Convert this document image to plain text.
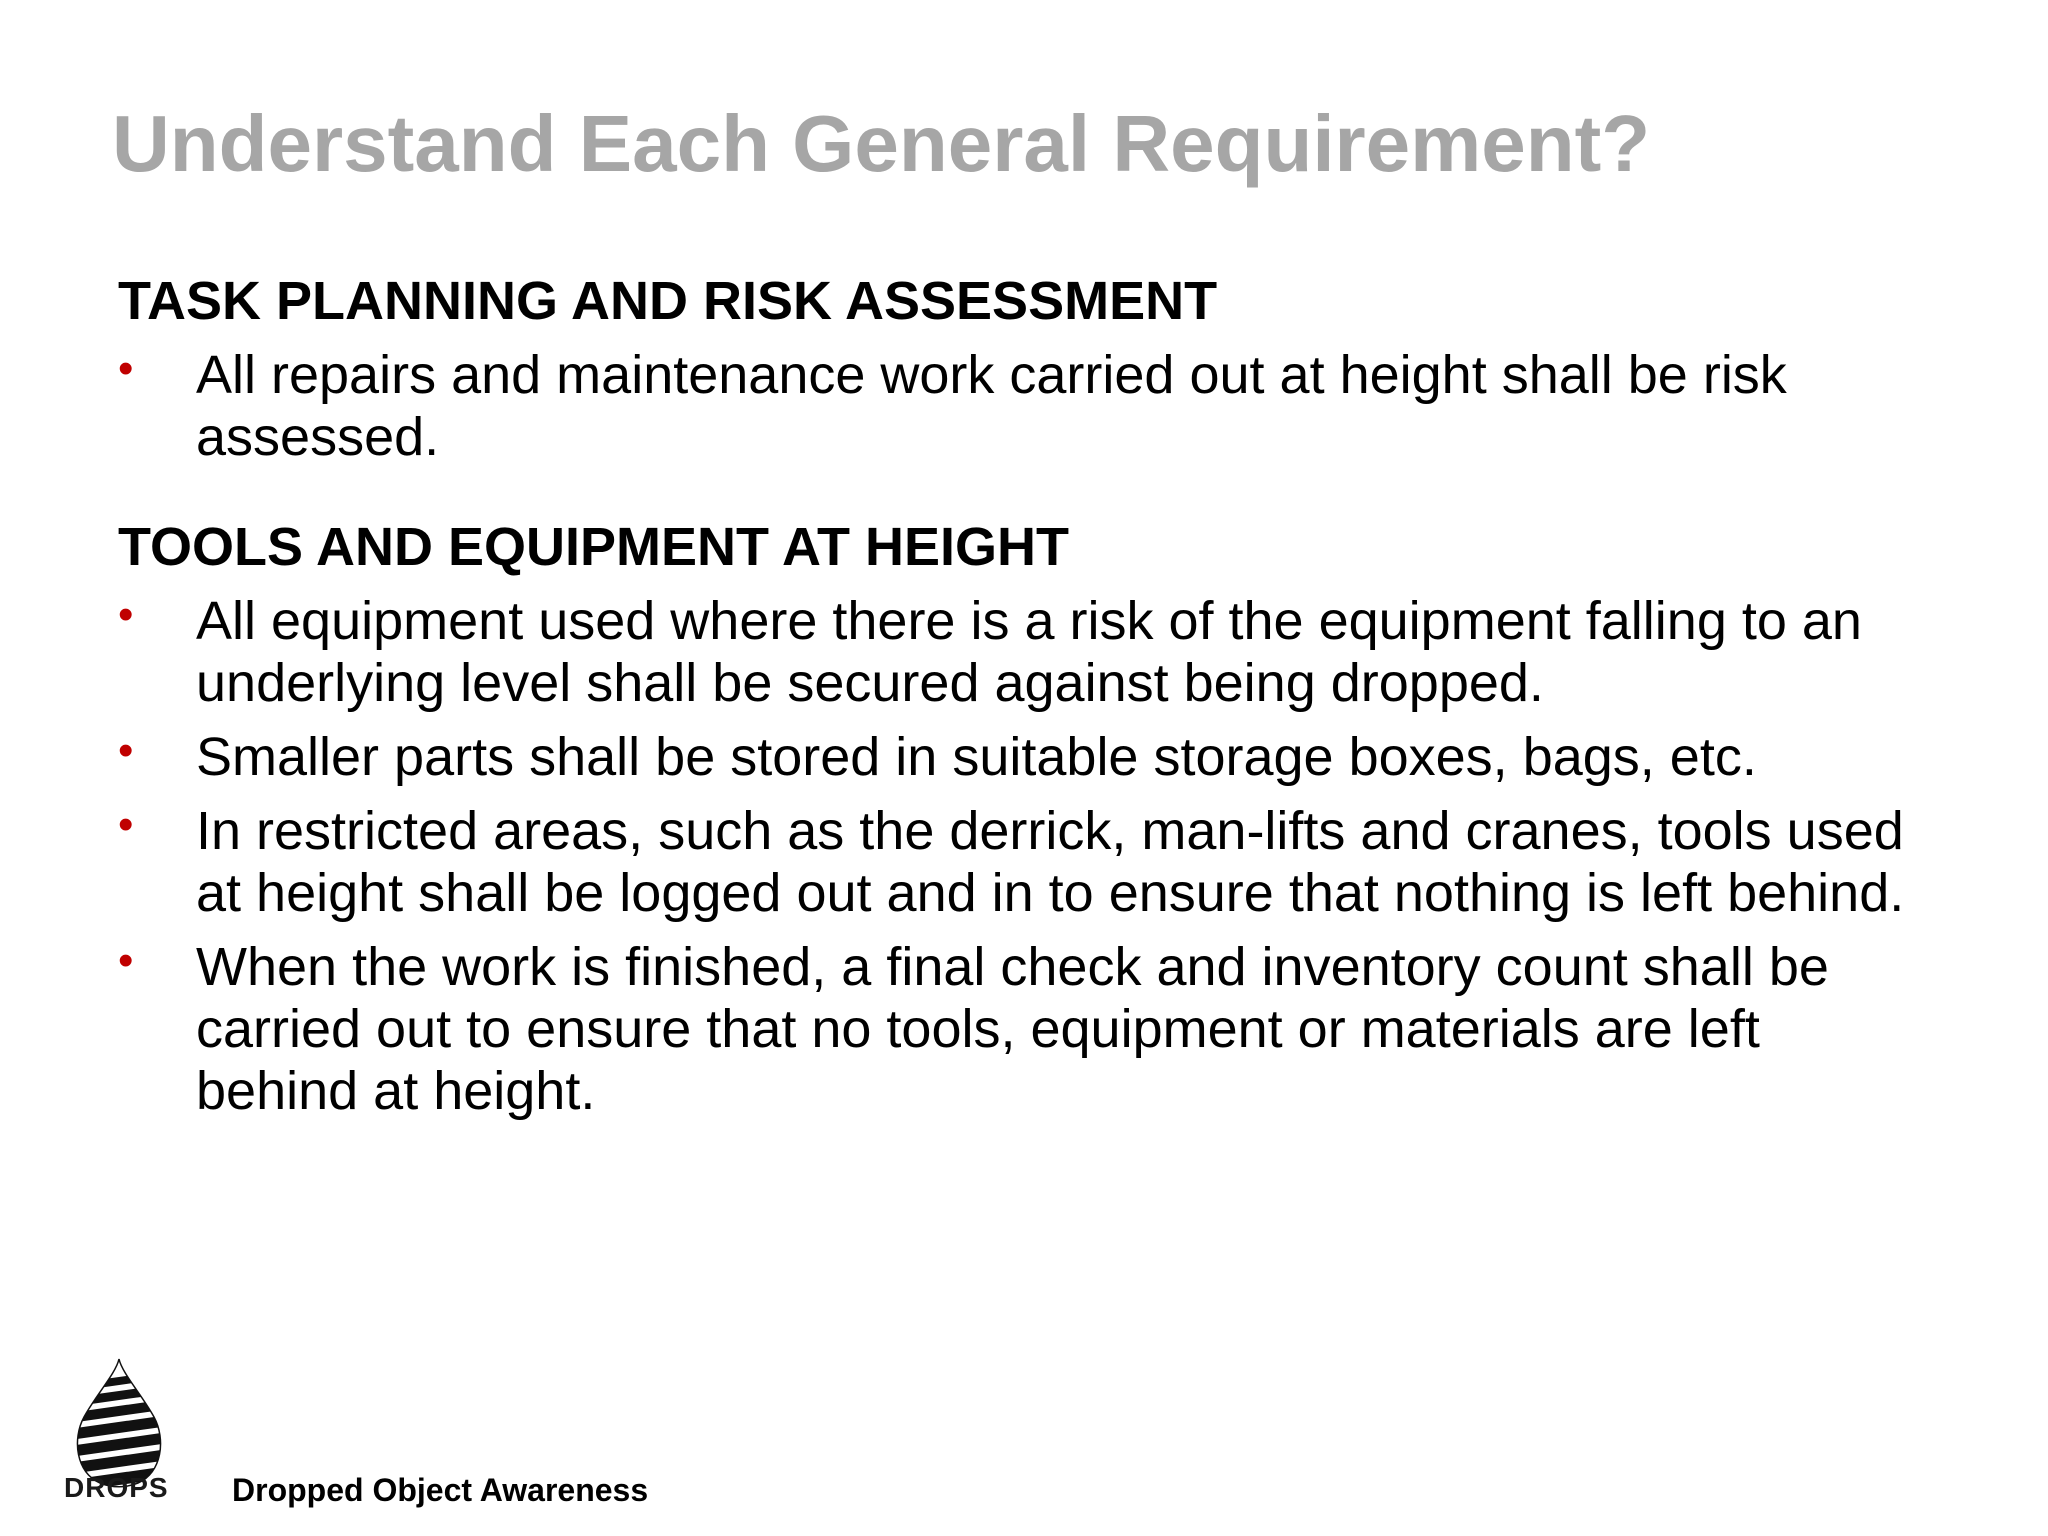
Understand Each General Requirement?

TASK PLANNING AND RISK ASSESSMENT

• All repairs and maintenance work carried out at height shall be risk assessed.

TOOLS AND EQUIPMENT AT HEIGHT

• All equipment used where there is a risk of the equipment falling to an underlying level shall be secured against being dropped.
• Smaller parts shall be stored in suitable storage boxes, bags, etc.
• In restricted areas, such as the derrick, man-lifts and cranes, tools used at height shall be logged out and in to ensure that nothing is left behind.
• When the work is finished, a final check and inventory count shall be carried out to ensure that no tools, equipment or materials are left behind at height.
DROPS Dropped Object Awareness
